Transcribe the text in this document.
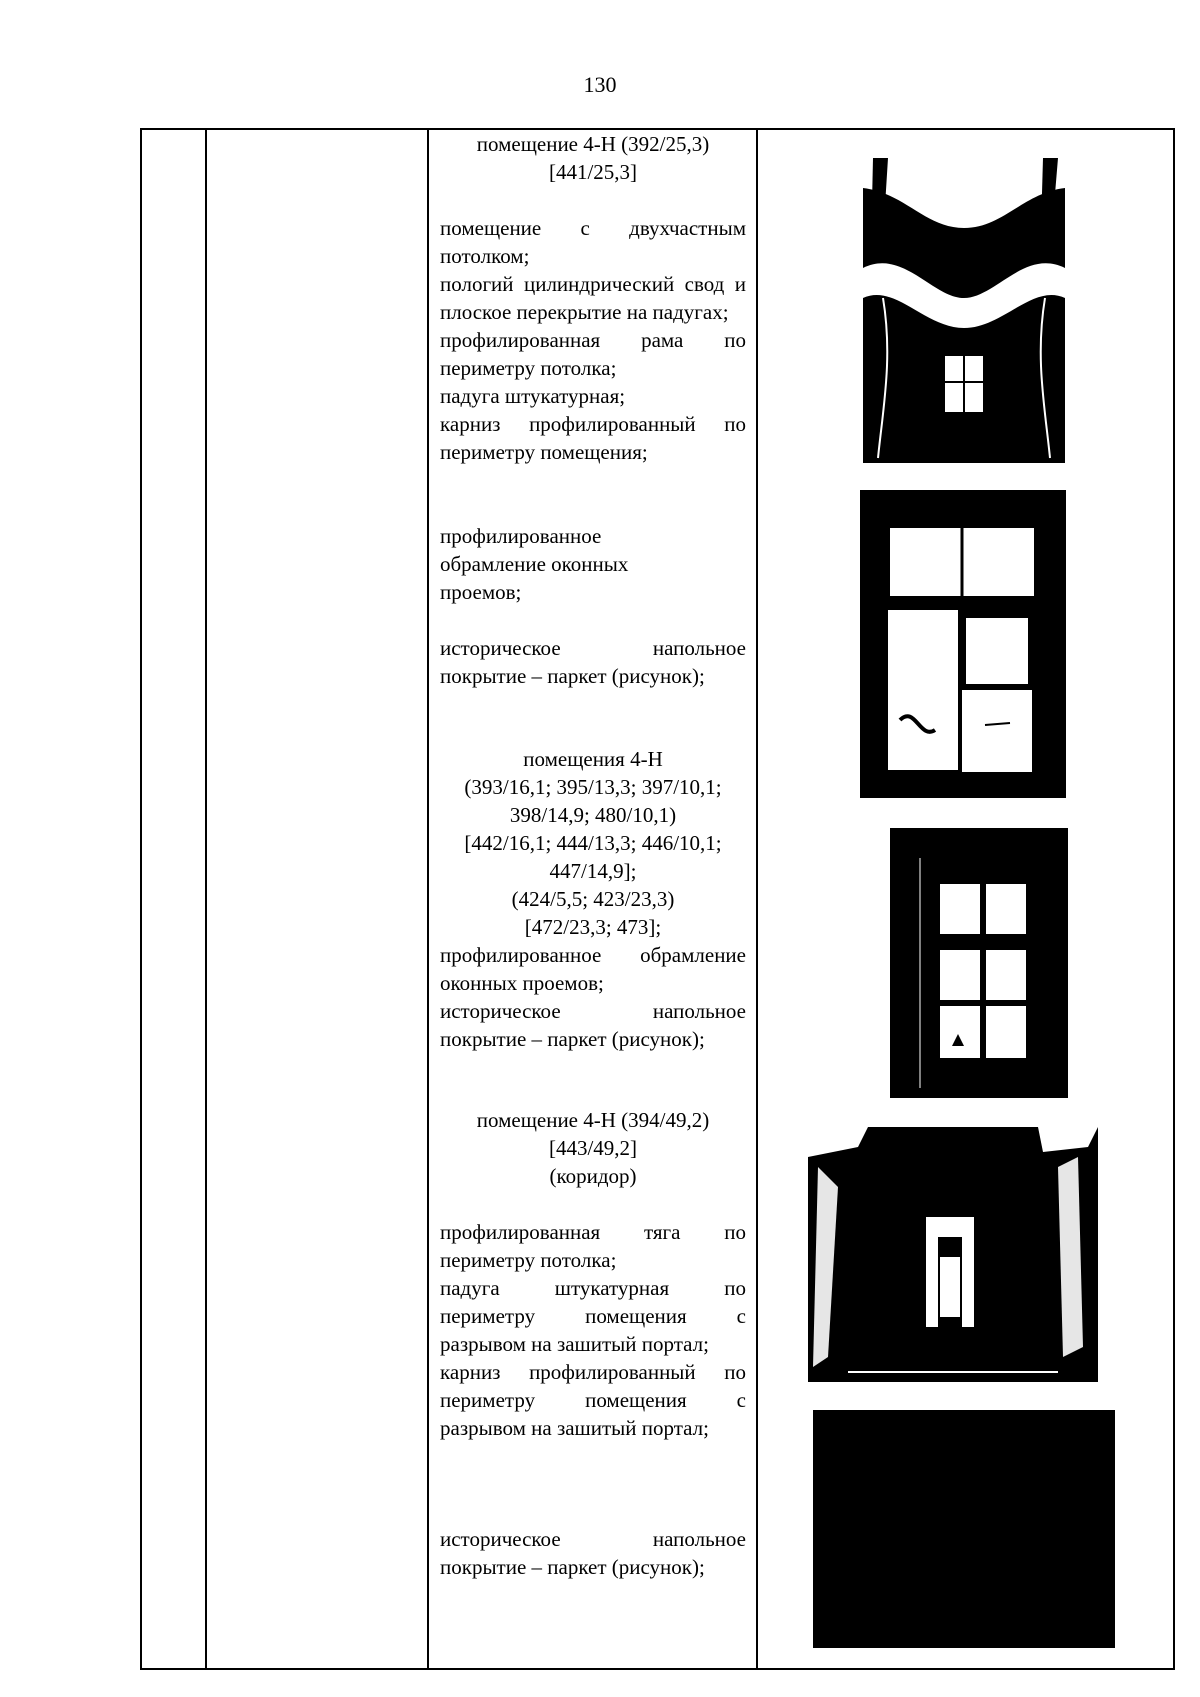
130

помещение 4-Н (392/25,3)

[441/25,3]

помещение с двухчастным потолком;

пологий цилиндрический свод и плоское перекрытие на падугах;

профилированная рама по периметру потолка;

падуга штукатурная;

карниз профилированный по периметру помещения;

профилированное обрамление оконных проемов;

историческое напольное покрытие – паркет (рисунок);

помещения 4-Н

(393/16,1; 395/13,3; 397/10,1;

398/14,9; 480/10,1)

[442/16,1; 444/13,3; 446/10,1;

447/14,9];

(424/5,5; 423/23,3)

[472/23,3; 473];

профилированное обрамление оконных проемов;

историческое напольное покрытие – паркет (рисунок);

помещение 4-Н (394/49,2)

[443/49,2]

(коридор)

профилированная тяга по периметру потолка;

падуга штукатурная по периметру помещения с разрывом на зашитый портал;

карниз профилированный по периметру помещения с разрывом на зашитый портал;

историческое напольное покрытие – паркет (рисунок);
